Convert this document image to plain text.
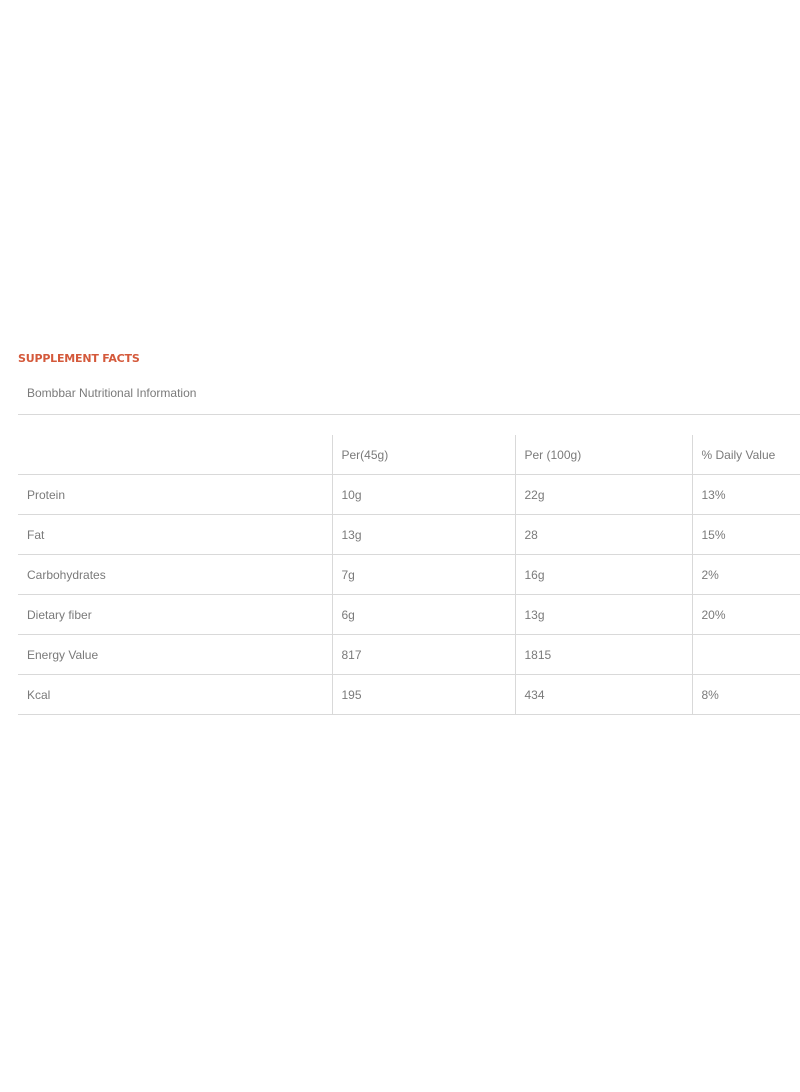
SUPPLEMENT FACTS
Bombbar Nutritional Information
	Per(45g)	Per (100g)	% Daily Value
Protein	10g	22g	13%
Fat	13g	28	15%
Carbohydrates	7g	16g	2%
Dietary fiber	6g	13g	20%
Energy Value	817	1815	
Kcal	195	434	8%
